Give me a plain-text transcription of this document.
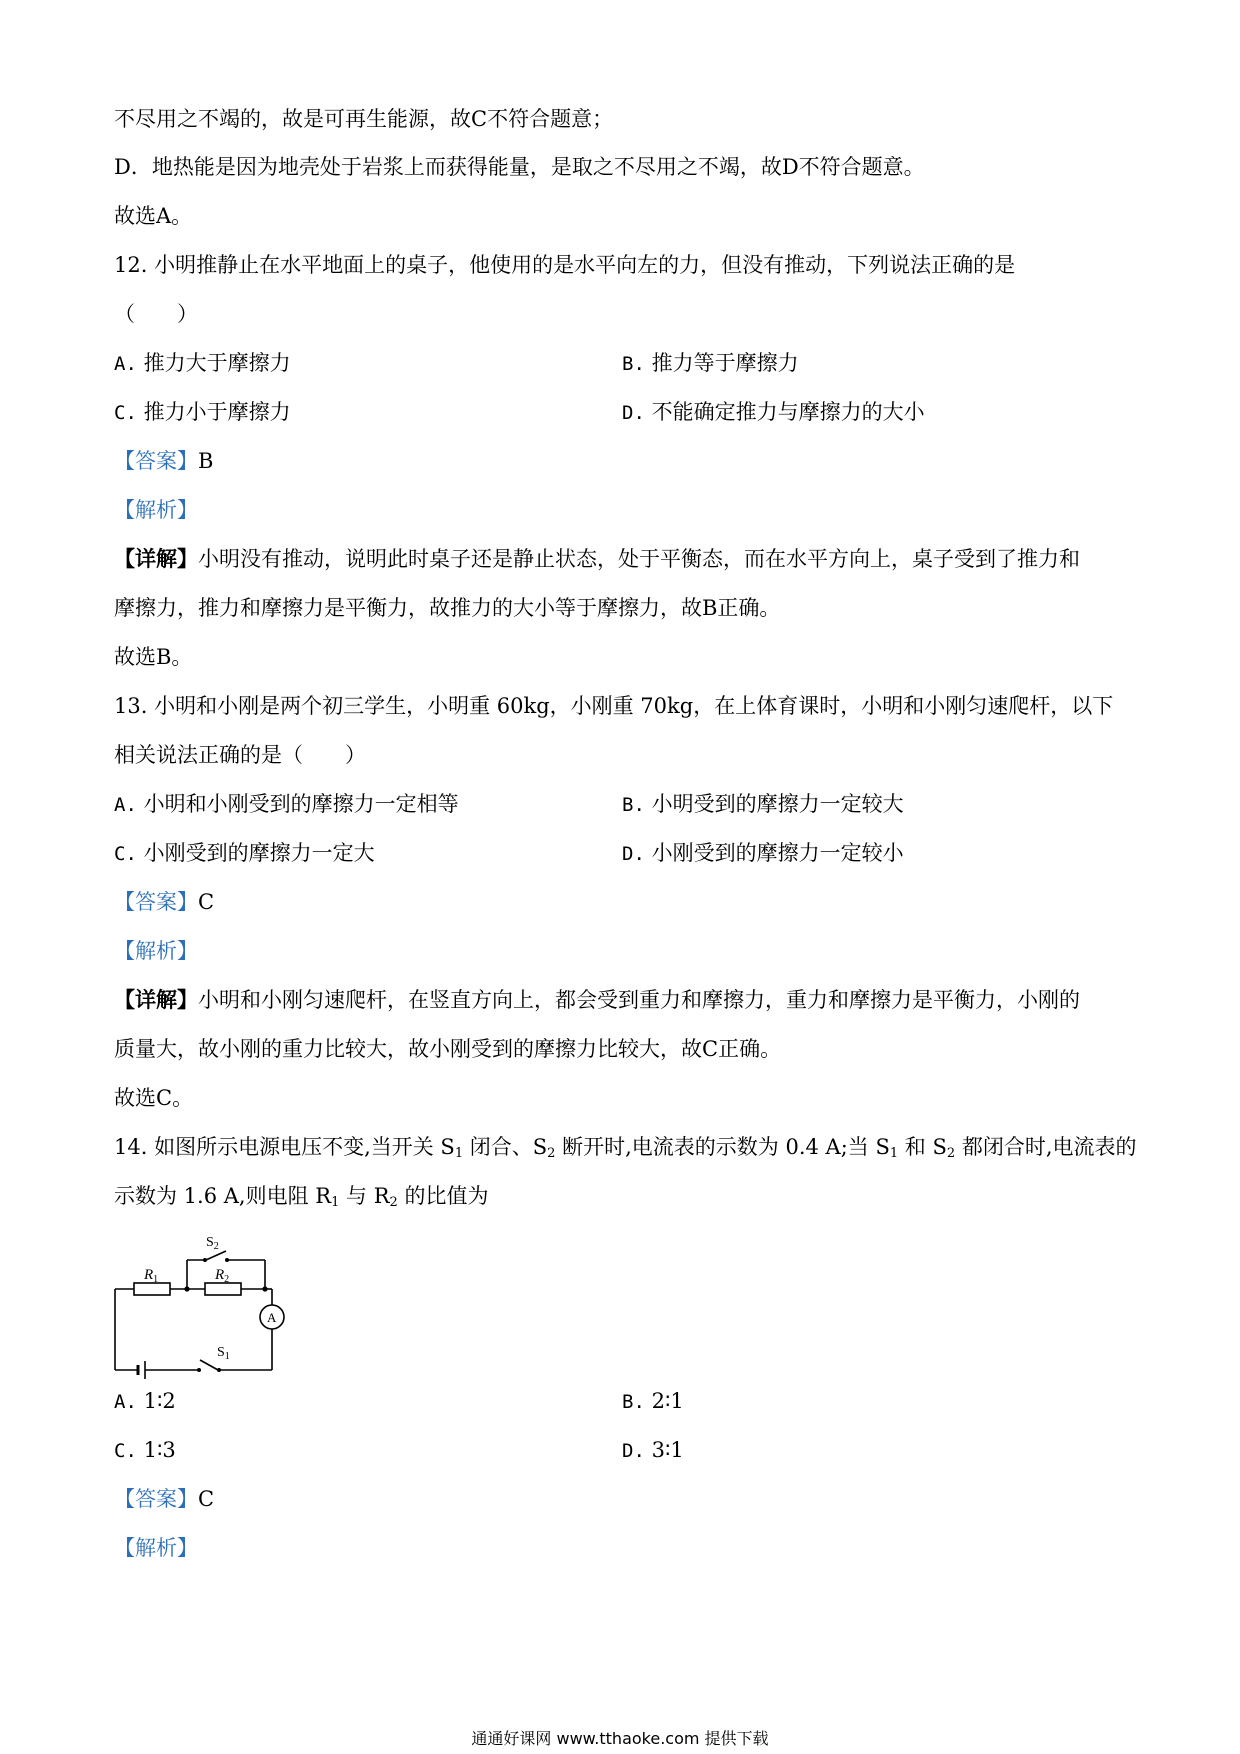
不尽用之不竭的，故是可再生能源，故C不符合题意；
D．地热能是因为地壳处于岩浆上而获得能量，是取之不尽用之不竭，故D不符合题意。
故选A。
12. 小明推静止在水平地面上的桌子，他使用的是水平向左的力，但没有推动，下列说法正确的是
（　　）
A. 推力大于摩擦力	B. 推力等于摩擦力
C. 推力小于摩擦力	D. 不能确定推力与摩擦力的大小
【答案】B
【解析】
【详解】小明没有推动，说明此时桌子还是静止状态，处于平衡态，而在水平方向上，桌子受到了推力和
摩擦力，推力和摩擦力是平衡力，故推力的大小等于摩擦力，故B正确。
故选B。
13. 小明和小刚是两个初三学生，小明重 60kg，小刚重 70kg，在上体育课时，小明和小刚匀速爬杆，以下
相关说法正确的是（　　）
A. 小明和小刚受到的摩擦力一定相等	B. 小明受到的摩擦力一定较大
C. 小刚受到的摩擦力一定大	D. 小刚受到的摩擦力一定较小
【答案】C
【解析】
【详解】小明和小刚匀速爬杆，在竖直方向上，都会受到重力和摩擦力，重力和摩擦力是平衡力，小刚的
质量大，故小刚的重力比较大，故小刚受到的摩擦力比较大，故C正确。
故选C。
14. 如图所示电源电压不变,当开关 $S_1$ 闭合、$S_2$ 断开时,电流表的示数为 0.4 A;当 $S_1$ 和 $S_2$ 都闭合时,电流表的
示数为 1.6 A,则电阻 $R_1$ 与 $R_2$ 的比值为
$R_1$	$R_2$
$S_2$
$S_1$
A
A. 1∶2	B. 2∶1
C. 1∶3	D. 3∶1
【答案】C
【解析】
通通好课网 www.tthaoke.com 提供下载
